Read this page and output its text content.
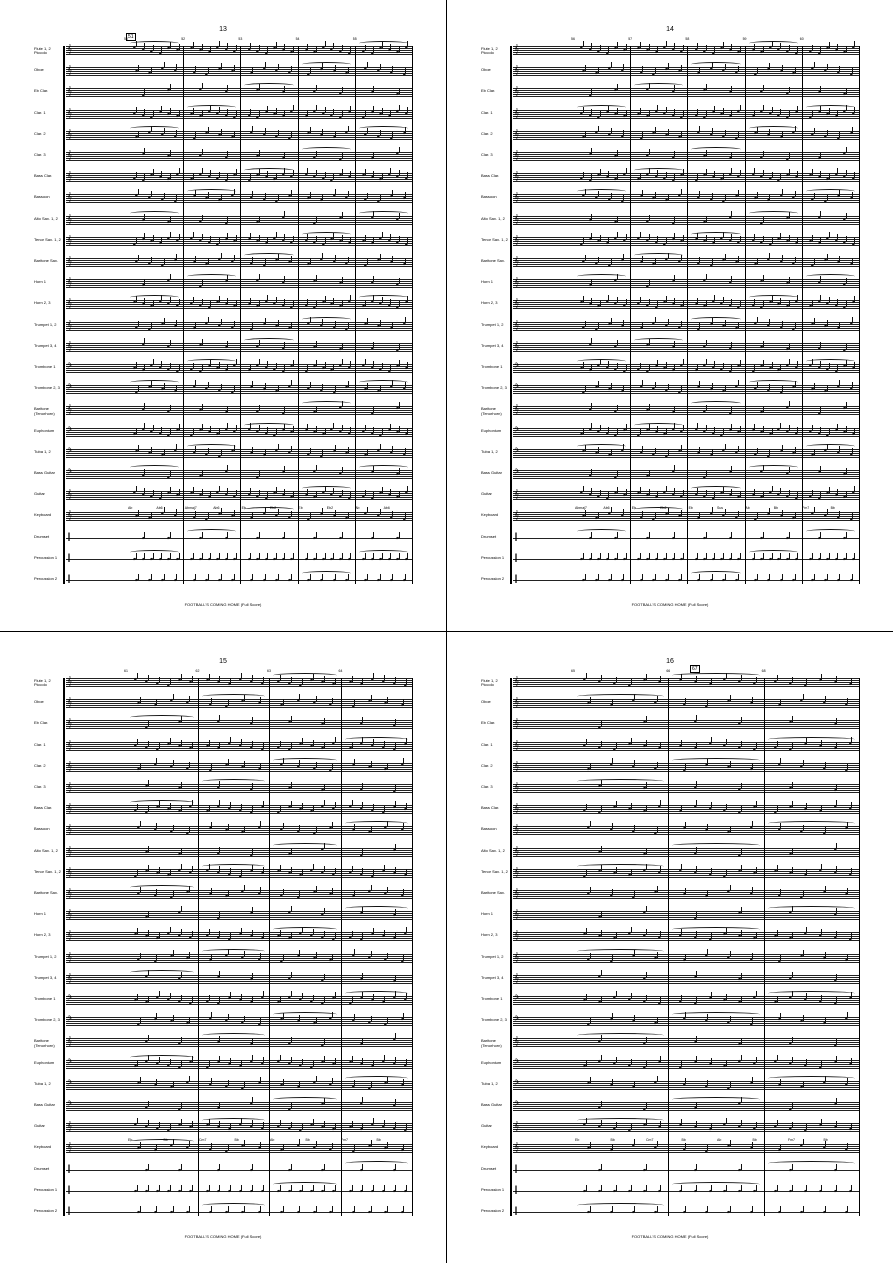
13
FOOTBALL'S COMING HOME (Full Score)
50	52	53	54	55
51
Flute 1, 2
Piccolo	𝄞
Oboe	𝄞
Eb Clar. 𝄞
Clar. 1	𝄞
Clar. 2	𝄞
Clar. 3	𝄞
Bass Clar. 𝄞
Bassoon 𝄞
Alto Sax. 1, 2 𝄞
Tenor Sax. 1, 2 𝄞
Baritone Sax. 𝄞
Horn 1	𝄞
Horn 2, 3 𝄞
Trumpet 1, 2 𝄞
Trumpet 3, 4 𝄞
Trombone 1 𝄢
Trombone 2, 3 𝄢
Baritone
(Tenorhorn) 𝄞
Euphonium 𝄢
Tuba 1, 2 𝄢
Bass Guitar 𝄢
Guitar	𝄞
Keyboard 𝄞
Drumset ‖
Percussion 1 ‖
Percussion 2 ‖
Ab	Ab6	Abmaj7	Ab6	Eb	Eb2	Eb	Eb2	Ab	Ab6
14
FOOTBALL'S COMING HOME (Full Score)
56	57	58	59	60
Flute 1, 2
Piccolo	𝄞
Oboe	𝄞
Eb Clar. 𝄞
Clar. 1	𝄞
Clar. 2	𝄞
Clar. 3	𝄞
Bass Clar. 𝄞
Bassoon 𝄞
Alto Sax. 1, 2 𝄞
Tenor Sax. 1, 2 𝄞
Baritone Sax. 𝄞
Horn 1	𝄞
Horn 2, 3 𝄞
Trumpet 1, 2 𝄞
Trumpet 3, 4 𝄞
Trombone 1 𝄢
Trombone 2, 3 𝄢
Baritone
(Tenorhorn) 𝄞
Euphonium 𝄢
Tuba 1, 2 𝄢
Bass Guitar 𝄢
Guitar	𝄞
Keyboard 𝄞
Drumset ‖
Percussion 1 ‖
Percussion 2 ‖
Abmaj7	Ab6	Eb	Eb2	Eb	Sus	Ab	Bb	Fm7	Bb
15
FOOTBALL'S COMING HOME (Full Score)
61	62	63	64
Flute 1, 2
Piccolo	𝄞
Oboe	𝄞
Eb Clar. 𝄞
Clar. 1	𝄞
Clar. 2	𝄞
Clar. 3	𝄞
Bass Clar. 𝄞
Bassoon 𝄞
Alto Sax. 1, 2 𝄞
Tenor Sax. 1, 2 𝄞
Baritone Sax. 𝄞
Horn 1	𝄞
Horn 2, 3 𝄞
Trumpet 1, 2 𝄞
Trumpet 3, 4 𝄞
Trombone 1 𝄢
Trombone 2, 3 𝄢
Baritone
(Tenorhorn) 𝄞
Euphonium 𝄢
Tuba 1, 2 𝄢
Bass Guitar 𝄢
Guitar	𝄞
Keyboard 𝄞
Drumset ‖
Percussion 1 ‖
Percussion 2 ‖
Eb	Bb	Cm7	Bb	Ab	Bb	Fm7	Bb
16
FOOTBALL'S COMING HOME (Full Score)
65	66	68
67
Flute 1, 2
Piccolo	𝄞
Oboe	𝄞
Eb Clar. 𝄞
Clar. 1	𝄞
Clar. 2	𝄞
Clar. 3	𝄞
Bass Clar. 𝄞
Bassoon 𝄞
Alto Sax. 1, 2 𝄞
Tenor Sax. 1, 2 𝄞
Baritone Sax. 𝄞
Horn 1	𝄞
Horn 2, 3 𝄞
Trumpet 1, 2 𝄞
Trumpet 3, 4 𝄞
Trombone 1 𝄢
Trombone 2, 3 𝄢
Baritone
(Tenorhorn) 𝄞
Euphonium 𝄢
Tuba 1, 2 𝄢
Bass Guitar 𝄢
Guitar	𝄞
Keyboard 𝄞
Drumset ‖
Percussion 1 ‖
Percussion 2 ‖
Eb	Bb	Cm7	Bb	Ab	Bb	Fm7	Bb
